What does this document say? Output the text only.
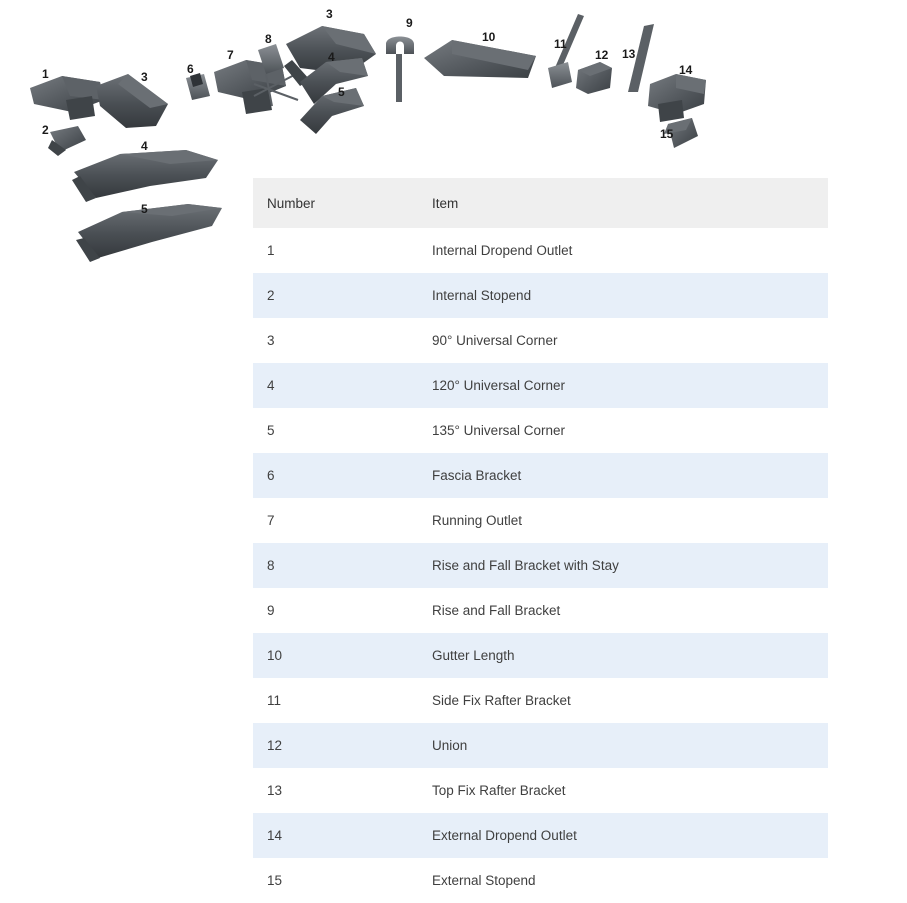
1
2
3
4
5
6
7
8
3
4
5
9
10	11
12 13
14
15
Number	Item
1	Internal Dropend Outlet
2	Internal Stopend
3	90° Universal Corner
4	120° Universal Corner
5	135° Universal Corner
6	Fascia Bracket
7	Running Outlet
8	Rise and Fall Bracket with Stay
9	Rise and Fall Bracket
10	Gutter Length
11	Side Fix Rafter Bracket
12	Union
13	Top Fix Rafter Bracket
14	External Dropend Outlet
15	External Stopend
